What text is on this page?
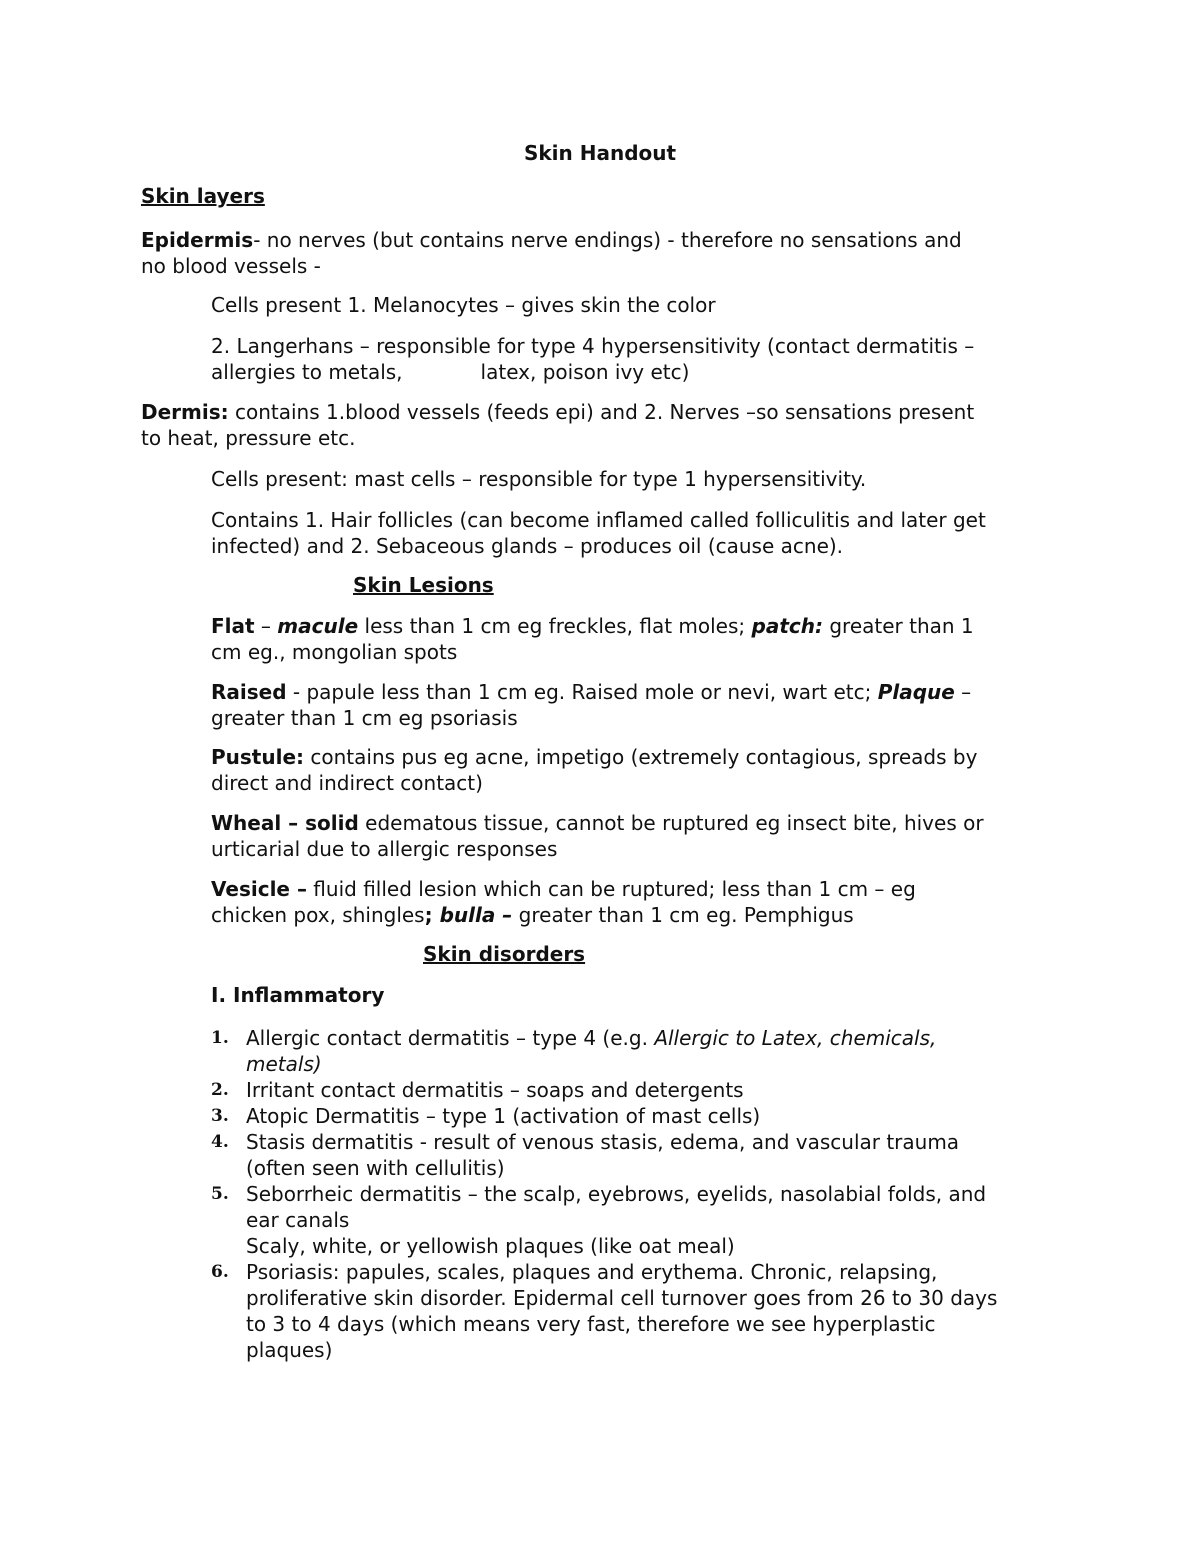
Skin Handout
Skin layers
Epidermis- no nerves (but contains nerve endings) - therefore no sensations and
no blood vessels -
Cells present 1. Melanocytes – gives skin the color
2. Langerhans – responsible for type 4 hypersensitivity (contact dermatitis –
allergies to metals,	latex, poison ivy etc)
Dermis: contains 1.blood vessels (feeds epi) and 2. Nerves –so sensations present
to heat, pressure etc.
Cells present: mast cells – responsible for type 1 hypersensitivity.
Contains 1. Hair follicles (can become inflamed called folliculitis and later get
infected) and 2. Sebaceous glands – produces oil (cause acne).
Skin Lesions
Flat – macule less than 1 cm eg freckles, flat moles; patch: greater than 1
cm eg., mongolian spots
Raised - papule less than 1 cm eg. Raised mole or nevi, wart etc; Plaque –
greater than 1 cm eg psoriasis
Pustule: contains pus eg acne, impetigo (extremely contagious, spreads by
direct and indirect contact)
Wheal – solid edematous tissue, cannot be ruptured eg insect bite, hives or
urticarial due to allergic responses
Vesicle – fluid filled lesion which can be ruptured; less than 1 cm – eg
chicken pox, shingles; bulla – greater than 1 cm eg. Pemphigus
Skin disorders
I. Inflammatory
1. Allergic contact dermatitis – type 4 (e.g. Allergic to Latex, chemicals,
metals)
2. Irritant contact dermatitis – soaps and detergents
3. Atopic Dermatitis – type 1 (activation of mast cells)
4. Stasis dermatitis - result of venous stasis, edema, and vascular trauma
(often seen with cellulitis)
5. Seborrheic dermatitis – the scalp, eyebrows, eyelids, nasolabial folds, and
ear canals
Scaly, white, or yellowish plaques (like oat meal)
6. Psoriasis: papules, scales, plaques and erythema. Chronic, relapsing,
proliferative skin disorder. Epidermal cell turnover goes from 26 to 30 days
to 3 to 4 days (which means very fast, therefore we see hyperplastic
plaques)
